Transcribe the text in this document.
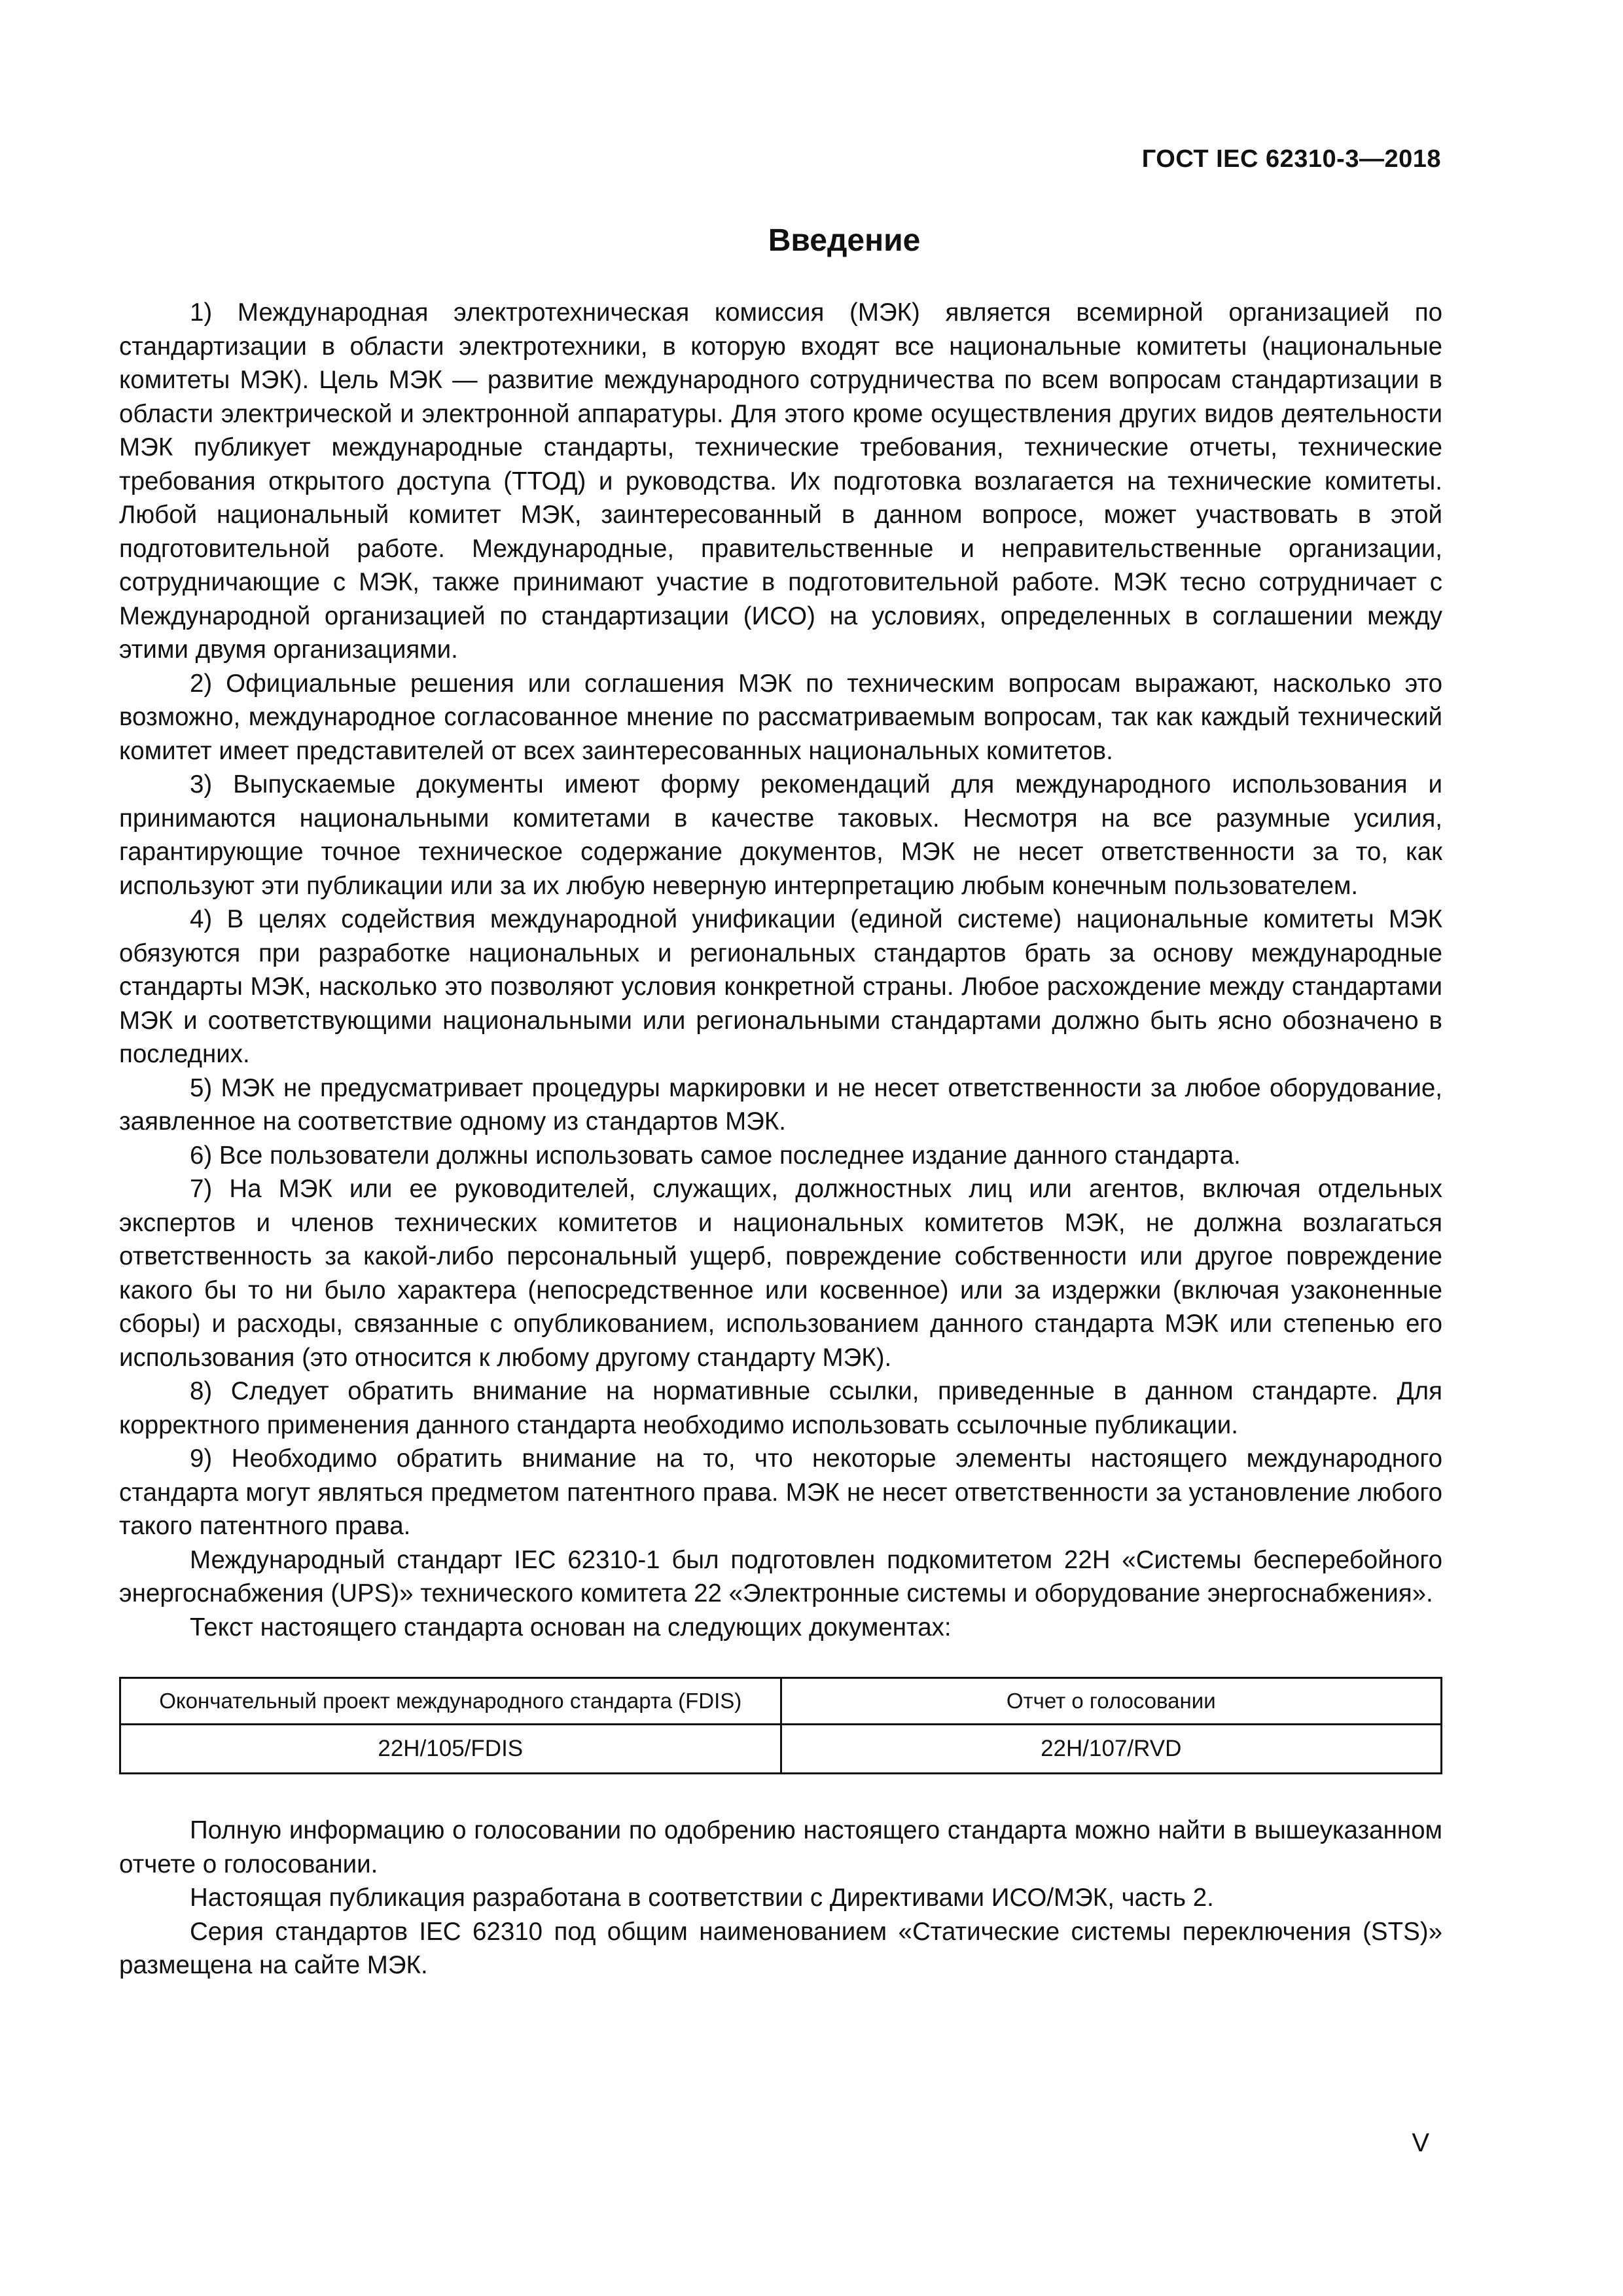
ГОСТ IEC 62310-3—2018
Введение

1) Международная электротехническая комиссия (МЭК) является всемирной организацией по стандартизации в области электротехники, в которую входят все национальные комитеты (национальные комитеты МЭК). Цель МЭК — развитие международного сотрудничества по всем вопросам стандартизации в области электрической и электронной аппаратуры. Для этого кроме осуществления других видов деятельности МЭК публикует международные стандарты, технические требования, технические отчеты, технические требования открытого доступа (ТТОД) и руководства. Их подготовка возлагается на технические комитеты. Любой национальный комитет МЭК, заинтересованный в данном вопросе, может участвовать в этой подготовительной работе. Международные, правительственные и неправительственные организации, сотрудничающие с МЭК, также принимают участие в подготовительной работе. МЭК тесно сотрудничает с Международной организацией по стандартизации (ИСО) на условиях, определенных в соглашении между этими двумя организациями.

2) Официальные решения или соглашения МЭК по техническим вопросам выражают, насколько это возможно, международное согласованное мнение по рассматриваемым вопросам, так как каждый технический комитет имеет представителей от всех заинтересованных национальных комитетов.

3) Выпускаемые документы имеют форму рекомендаций для международного использования и принимаются национальными комитетами в качестве таковых. Несмотря на все разумные усилия, гарантирующие точное техническое содержание документов, МЭК не несет ответственности за то, как используют эти публикации или за их любую неверную интерпретацию любым конечным пользователем.

4) В целях содействия международной унификации (единой системе) национальные комитеты МЭК обязуются при разработке национальных и региональных стандартов брать за основу международные стандарты МЭК, насколько это позволяют условия конкретной страны. Любое расхождение между стандартами МЭК и соответствующими национальными или региональными стандартами должно быть ясно обозначено в последних.

5) МЭК не предусматривает процедуры маркировки и не несет ответственности за любое оборудование, заявленное на соответствие одному из стандартов МЭК.

6) Все пользователи должны использовать самое последнее издание данного стандарта.

7) На МЭК или ее руководителей, служащих, должностных лиц или агентов, включая отдельных экспертов и членов технических комитетов и национальных комитетов МЭК, не должна возлагаться ответственность за какой-либо персональный ущерб, повреждение собственности или другое повреждение какого бы то ни было характера (непосредственное или косвенное) или за издержки (включая узаконенные сборы) и расходы, связанные с опубликованием, использованием данного стандарта МЭК или степенью его использования (это относится к любому другому стандарту МЭК).

8) Следует обратить внимание на нормативные ссылки, приведенные в данном стандарте. Для корректного применения данного стандарта необходимо использовать ссылочные публикации.

9) Необходимо обратить внимание на то, что некоторые элементы настоящего международного стандарта могут являться предметом патентного права. МЭК не несет ответственности за установление любого такого патентного права.

Международный стандарт IEC 62310-1 был подготовлен подкомитетом 22H «Системы бесперебойного энергоснабжения (UPS)» технического комитета 22 «Электронные системы и оборудование энергоснабжения».

Текст настоящего стандарта основан на следующих документах:

Окончательный проект международного стандарта (FDIS)	Отчет о голосовании
22H/105/FDIS	22H/107/RVD

Полную информацию о голосовании по одобрению настоящего стандарта можно найти в вышеуказанном отчете о голосовании.

Настоящая публикация разработана в соответствии с Директивами ИСО/МЭК, часть 2.

Серия стандартов IEC 62310 под общим наименованием «Статические системы переключения (STS)» размещена на сайте МЭК.

V
